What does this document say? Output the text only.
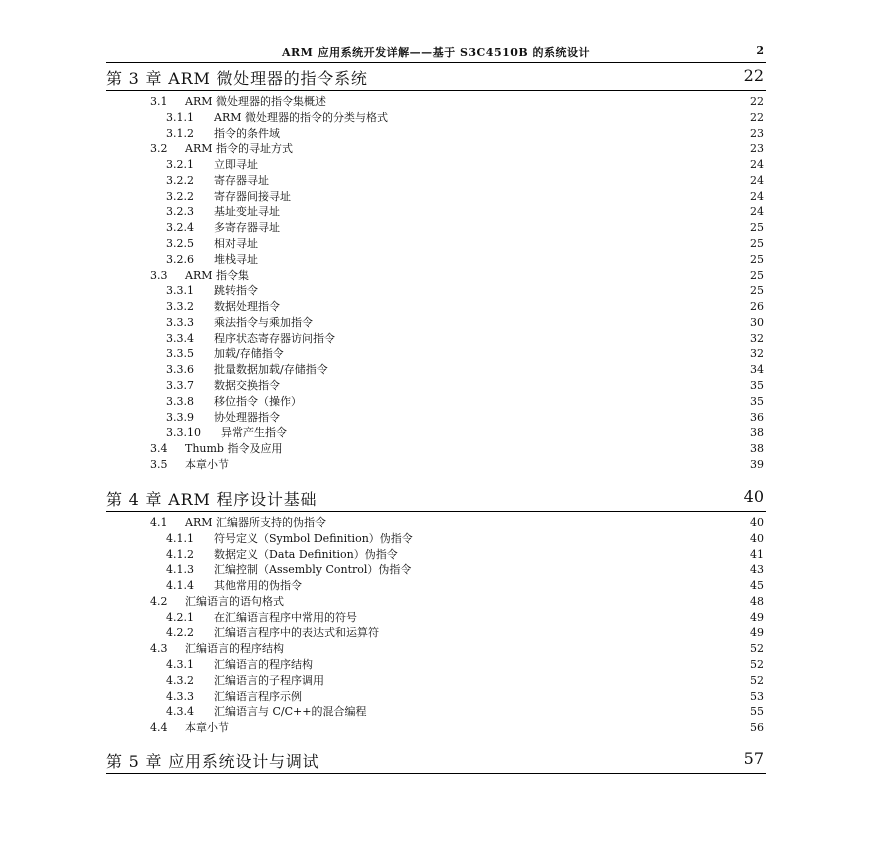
ARM 应用系统开发详解——基于 S3C4510B 的系统设计	2
第 3 章 ARM 微处理器的指令系统	22
3.1 ARM 微处理器的指令集概述	22
3.1.1 ARM 微处理器的指令的分类与格式	22
3.1.2 指令的条件域	23
3.2 ARM 指令的寻址方式	23
3.2.1 立即寻址	24
3.2.2 寄存器寻址	24
3.2.2 寄存器间接寻址	24
3.2.3 基址变址寻址	24
3.2.4 多寄存器寻址	25
3.2.5 相对寻址	25
3.2.6 堆栈寻址	25
3.3 ARM 指令集	25
3.3.1 跳转指令	25
3.3.2 数据处理指令	26
3.3.3 乘法指令与乘加指令	30
3.3.4 程序状态寄存器访问指令	32
3.3.5 加载/存储指令	32
3.3.6 批量数据加载/存储指令	34
3.3.7 数据交换指令	35
3.3.8 移位指令（操作）	35
3.3.9 协处理器指令	36
3.3.10 异常产生指令	38
3.4 Thumb 指令及应用	38
3.5 本章小节	39
第 4 章 ARM 程序设计基础	40
4.1 ARM 汇编器所支持的伪指令	40
4.1.1 符号定义（Symbol Definition）伪指令	40
4.1.2 数据定义（Data Definition）伪指令	41
4.1.3 汇编控制（Assembly Control）伪指令	43
4.1.4 其他常用的伪指令	45
4.2 汇编语言的语句格式	48
4.2.1 在汇编语言程序中常用的符号	49
4.2.2 汇编语言程序中的表达式和运算符	49
4.3 汇编语言的程序结构	52
4.3.1 汇编语言的程序结构	52
4.3.2 汇编语言的子程序调用	52
4.3.3 汇编语言程序示例	53
4.3.4 汇编语言与 C/C++的混合编程	55
4.4 本章小节	56
第 5 章 应用系统设计与调试	57
